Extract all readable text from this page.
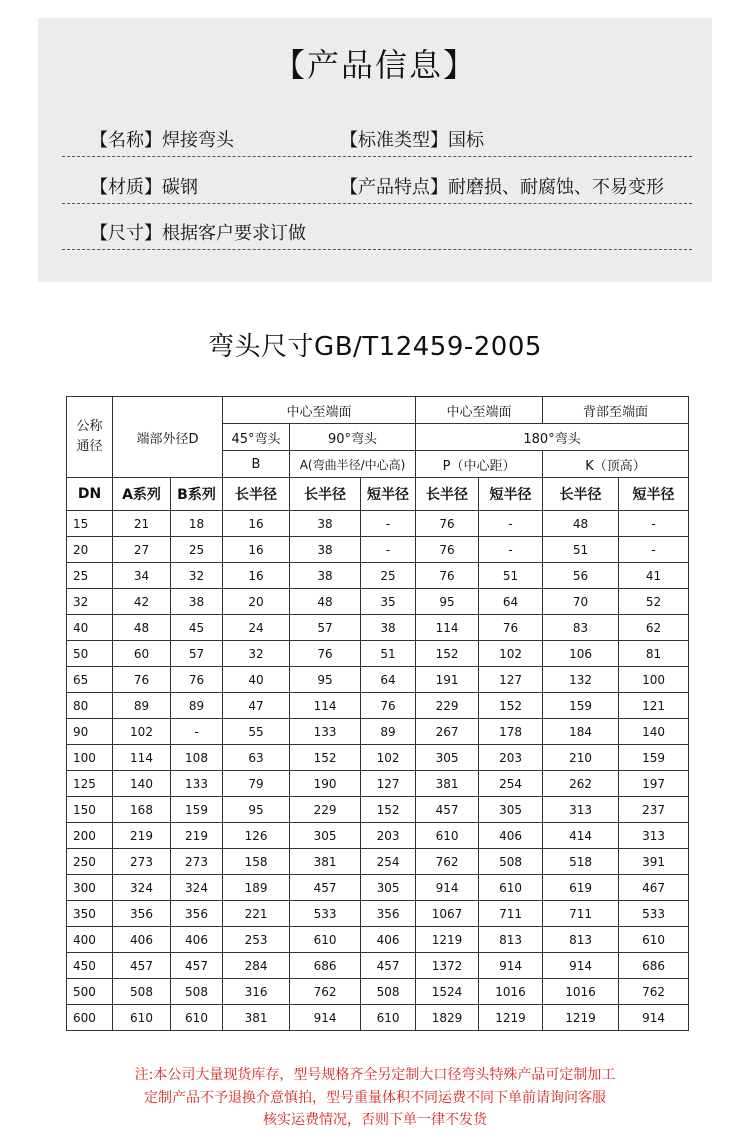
【产品信息】
【名称】焊接弯头	【标准类型】国标
【材质】碳钢	【产品特点】耐磨损、耐腐蚀、不易变形
【尺寸】根据客户要求订做
弯头尺寸GB/T12459-2005
公称
通径	端部外径D		中心至端面			中心至端面		背部至端面	
			45°弯头	90°弯头		180°弯头			
			B	A(弯曲半径/中心高)		P（中心距）		K（顶高）	
DN	A系列	B系列	长半径	长半径	短半径	长半径	短半径	长半径	短半径
15	21	18	16	38	-	76	-	48	-
20	27	25	16	38	-	76	-	51	-
25	34	32	16	38	25	76	51	56	41
32	42	38	20	48	35	95	64	70	52
40	48	45	24	57	38	114	76	83	62
50	60	57	32	76	51	152	102	106	81
65	76	76	40	95	64	191	127	132	100
80	89	89	47	114	76	229	152	159	121
90	102	-	55	133	89	267	178	184	140
100	114	108	63	152	102	305	203	210	159
125	140	133	79	190	127	381	254	262	197
150	168	159	95	229	152	457	305	313	237
200	219	219	126	305	203	610	406	414	313
250	273	273	158	381	254	762	508	518	391
300	324	324	189	457	305	914	610	619	467
350	356	356	221	533	356	1067	711	711	533
400	406	406	253	610	406	1219	813	813	610
450	457	457	284	686	457	1372	914	914	686
500	508	508	316	762	508	1524	1016	1016	762
600	610	610	381	914	610	1829	1219	1219	914
注:本公司大量现货库存，型号规格齐全另定制大口径弯头特殊产品可定制加工
定制产品不予退换介意慎拍，型号重量体积不同运费不同下单前请询问客服
核实运费情况，否则下单一律不发货
